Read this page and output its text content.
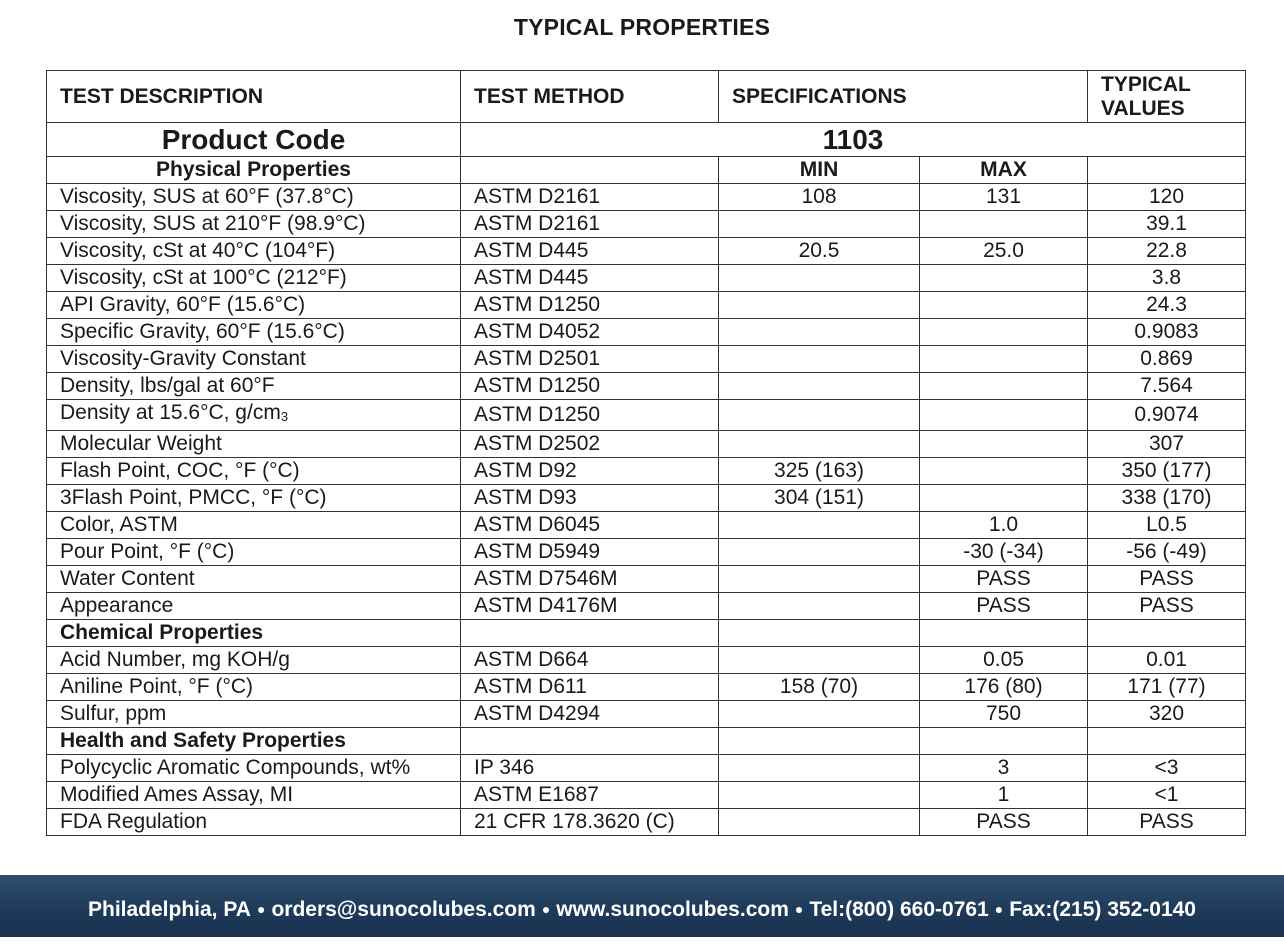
TYPICAL PROPERTIES
TEST DESCRIPTION	TEST METHOD	SPECIFICATIONS		TYPICAL VALUES
Product Code	1103			
Physical Properties		MIN	MAX	
Viscosity, SUS at 60°F (37.8°C)	ASTM D2161	108	131	120
Viscosity, SUS at 210°F (98.9°C)	ASTM D2161			39.1
Viscosity, cSt at 40°C (104°F)	ASTM D445	20.5	25.0	22.8
Viscosity, cSt at 100°C (212°F)	ASTM D445			3.8
API Gravity, 60°F (15.6°C)	ASTM D1250			24.3
Specific Gravity, 60°F (15.6°C)	ASTM D4052			0.9083
Viscosity-Gravity Constant	ASTM D2501			0.869
Density, lbs/gal at 60°F	ASTM D1250			7.564
Density at 15.6°C, $g/cm_3$	ASTM D1250			0.9074
Molecular Weight	ASTM D2502			307
Flash Point, COC, °F (°C)	ASTM D92	325 (163)		350 (177)
3Flash Point, PMCC, °F (°C)	ASTM D93	304 (151)		338 (170)
Color, ASTM	ASTM D6045		1.0	L0.5
Pour Point, °F (°C)	ASTM D5949		-30 (-34)	-56 (-49)
Water Content	ASTM D7546M		PASS	PASS
Appearance	ASTM D4176M		PASS	PASS
Chemical Properties				
Acid Number, mg KOH/g	ASTM D664		0.05	0.01
Aniline Point, °F (°C)	ASTM D611	158 (70)	176 (80)	171 (77)
Sulfur, ppm	ASTM D4294		750	320
Health and Safety Properties				
Polycyclic Aromatic Compounds, wt%	IP 346		3	<3
Modified Ames Assay, MI	ASTM E1687		1	<1
FDA Regulation	21 CFR 178.3620 (C)		PASS	PASS
Philadelphia, PA ● orders@sunocolubes.com ● www.sunocolubes.com ● Tel:(800) 660-0761 ● Fax:(215) 352-0140
